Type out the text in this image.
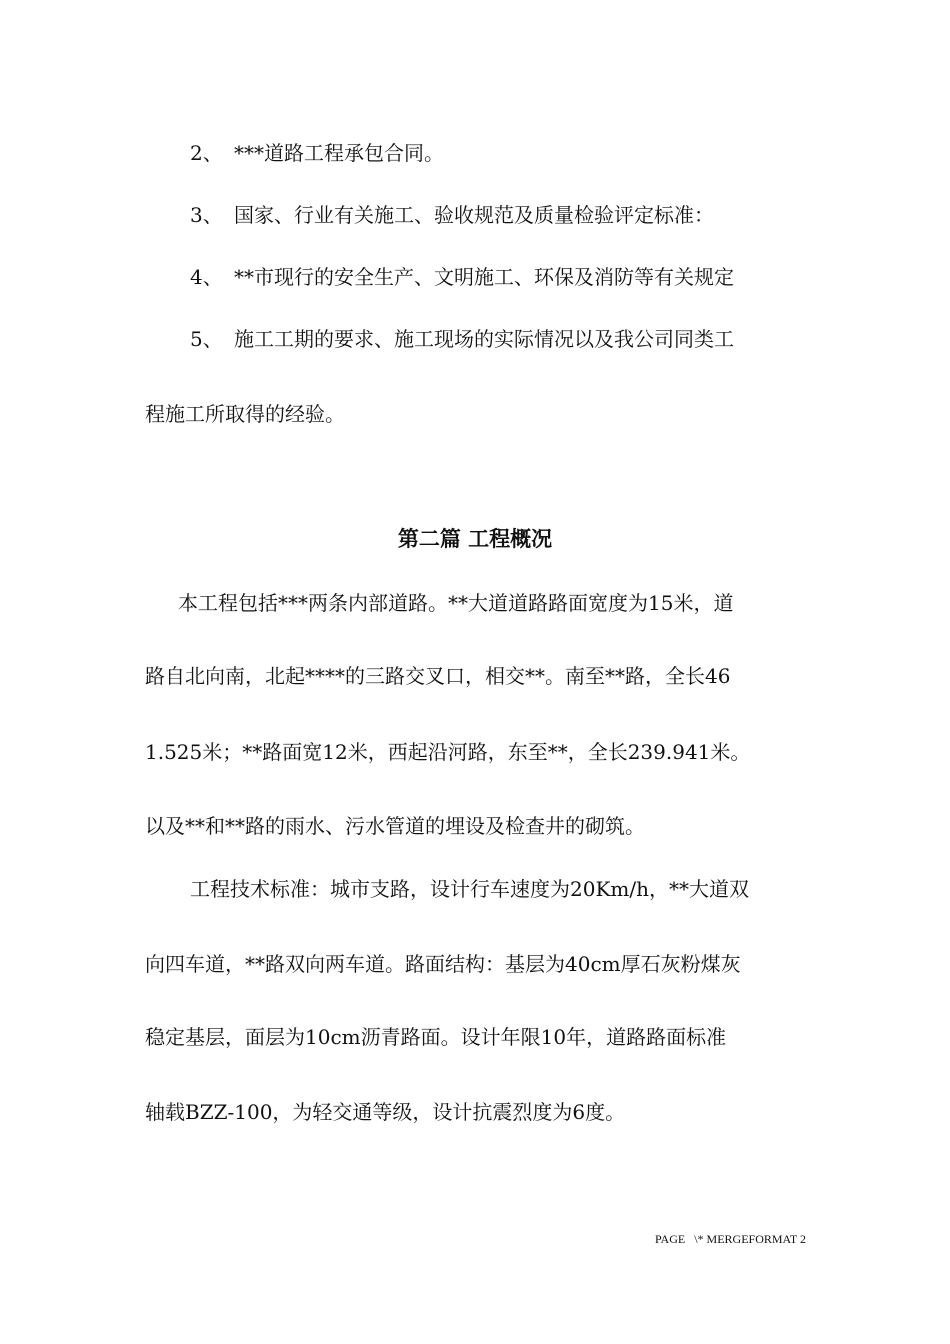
2、 ***道路工程承包合同。
3、 国家、行业有关施工、验收规范及质量检验评定标准：
4、 **市现行的安全生产、文明施工、环保及消防等有关规定
5、 施工工期的要求、施工现场的实际情况以及我公司同类工
程施工所取得的经验。
第二篇 工程概况
本工程包括***两条内部道路。**大道道路路面宽度为15米，道
路自北向南，北起****的三路交叉口，相交**。南至**路，全长46
1.525米；**路面宽12米，西起沿河路，东至**，全长239.941米。
以及**和**路的雨水、污水管道的埋设及检查井的砌筑。
工程技术标准：城市支路，设计行车速度为20Km/h，**大道双
向四车道，**路双向两车道。路面结构：基层为40cm厚石灰粉煤灰
稳定基层，面层为10cm沥青路面。设计年限10年，道路路面标准
轴载BZZ-100，为轻交通等级，设计抗震烈度为6度。
PAGE   \* MERGEFORMAT 2
